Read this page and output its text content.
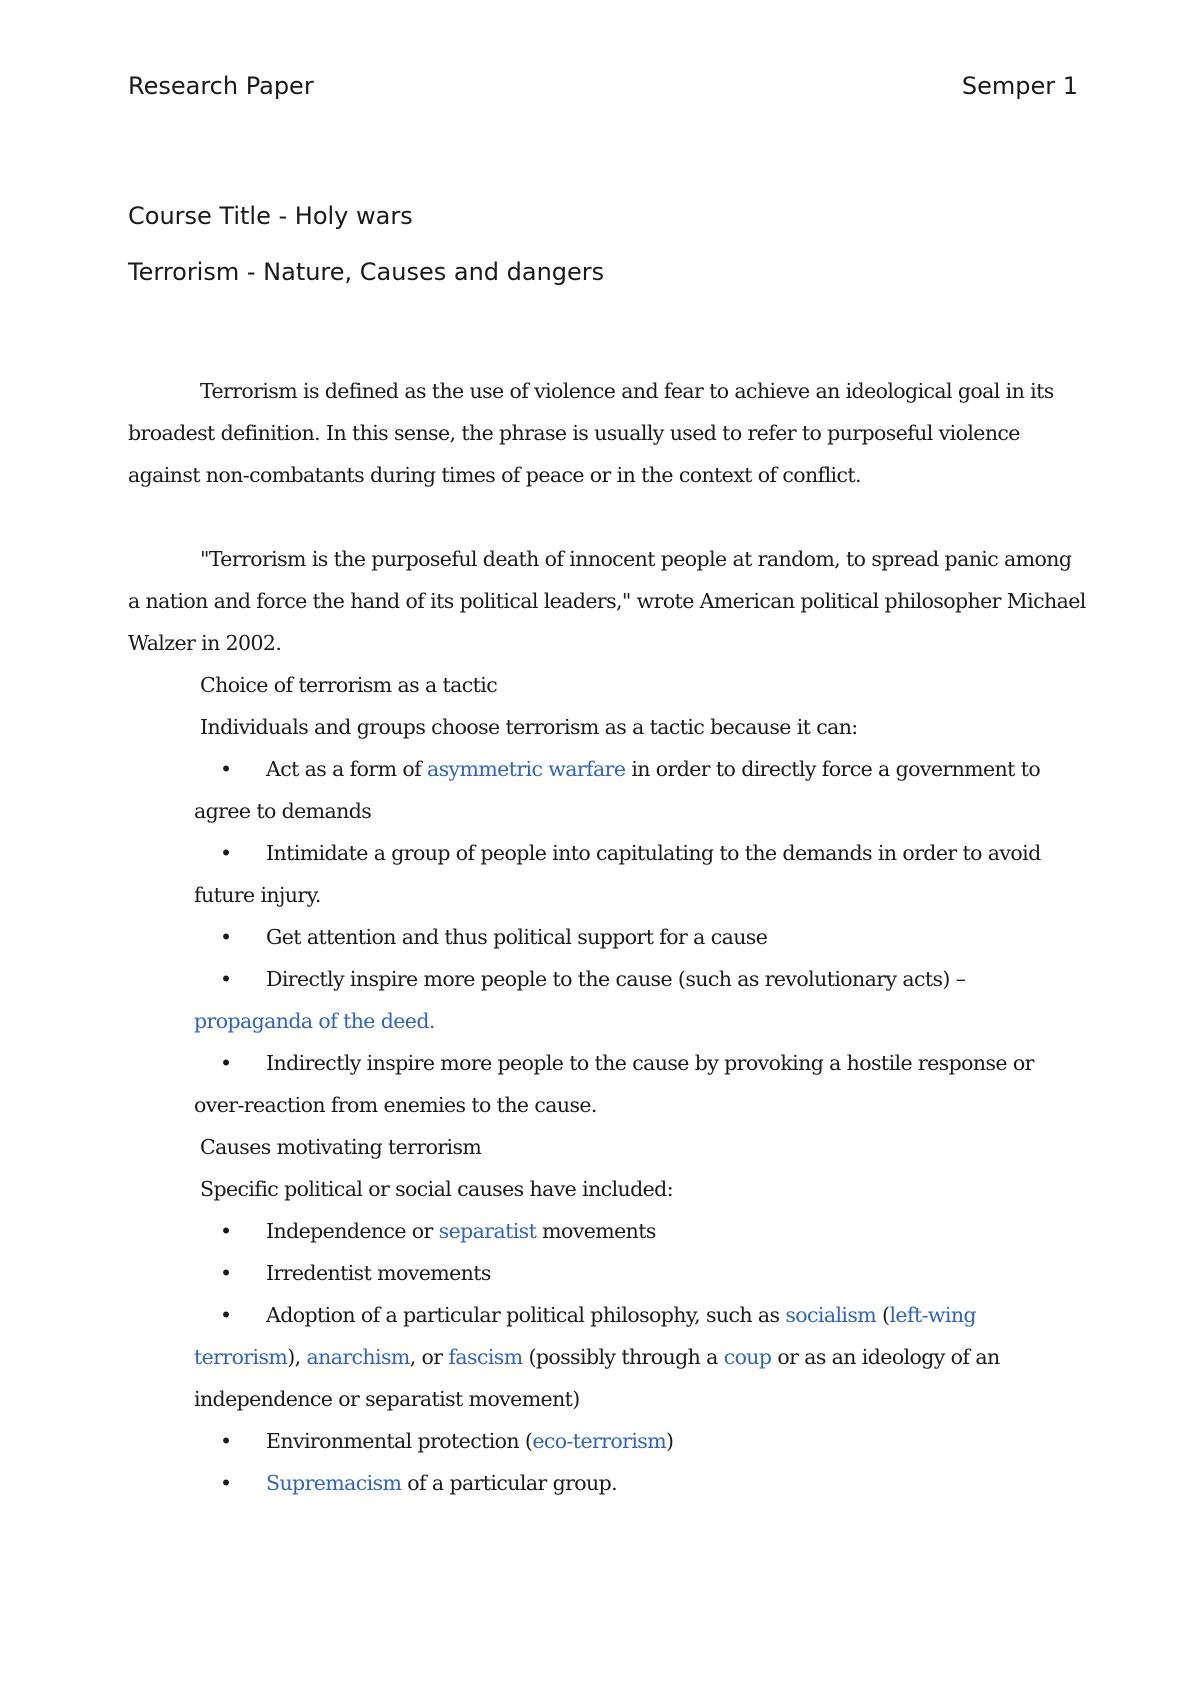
Research Paper	Semper 1
Course Title - Holy wars
Terrorism - Nature, Causes and dangers

Terrorism is defined as the use of violence and fear to achieve an ideological goal in its broadest definition. In this sense, the phrase is usually used to refer to purposeful violence against non-combatants during times of peace or in the context of conflict.

"Terrorism is the purposeful death of innocent people at random, to spread panic among a nation and force the hand of its political leaders," wrote American political philosopher Michael Walzer in 2002.

Choice of terrorism as a tactic

Individuals and groups choose terrorism as a tactic because it can:

• Act as a form of asymmetric warfare in order to directly force a government to agree to demands
• Intimidate a group of people into capitulating to the demands in order to avoid future injury.
• Get attention and thus political support for a cause
• Directly inspire more people to the cause (such as revolutionary acts) – propaganda of the deed.
• Indirectly inspire more people to the cause by provoking a hostile response or over-reaction from enemies to the cause.

Causes motivating terrorism

Specific political or social causes have included:

• Independence or separatist movements
• Irredentist movements
• Adoption of a particular political philosophy, such as socialism (left-wing terrorism), anarchism, or fascism (possibly through a coup or as an ideology of an independence or separatist movement)
• Environmental protection (eco-terrorism)
• Supremacism of a particular group.
